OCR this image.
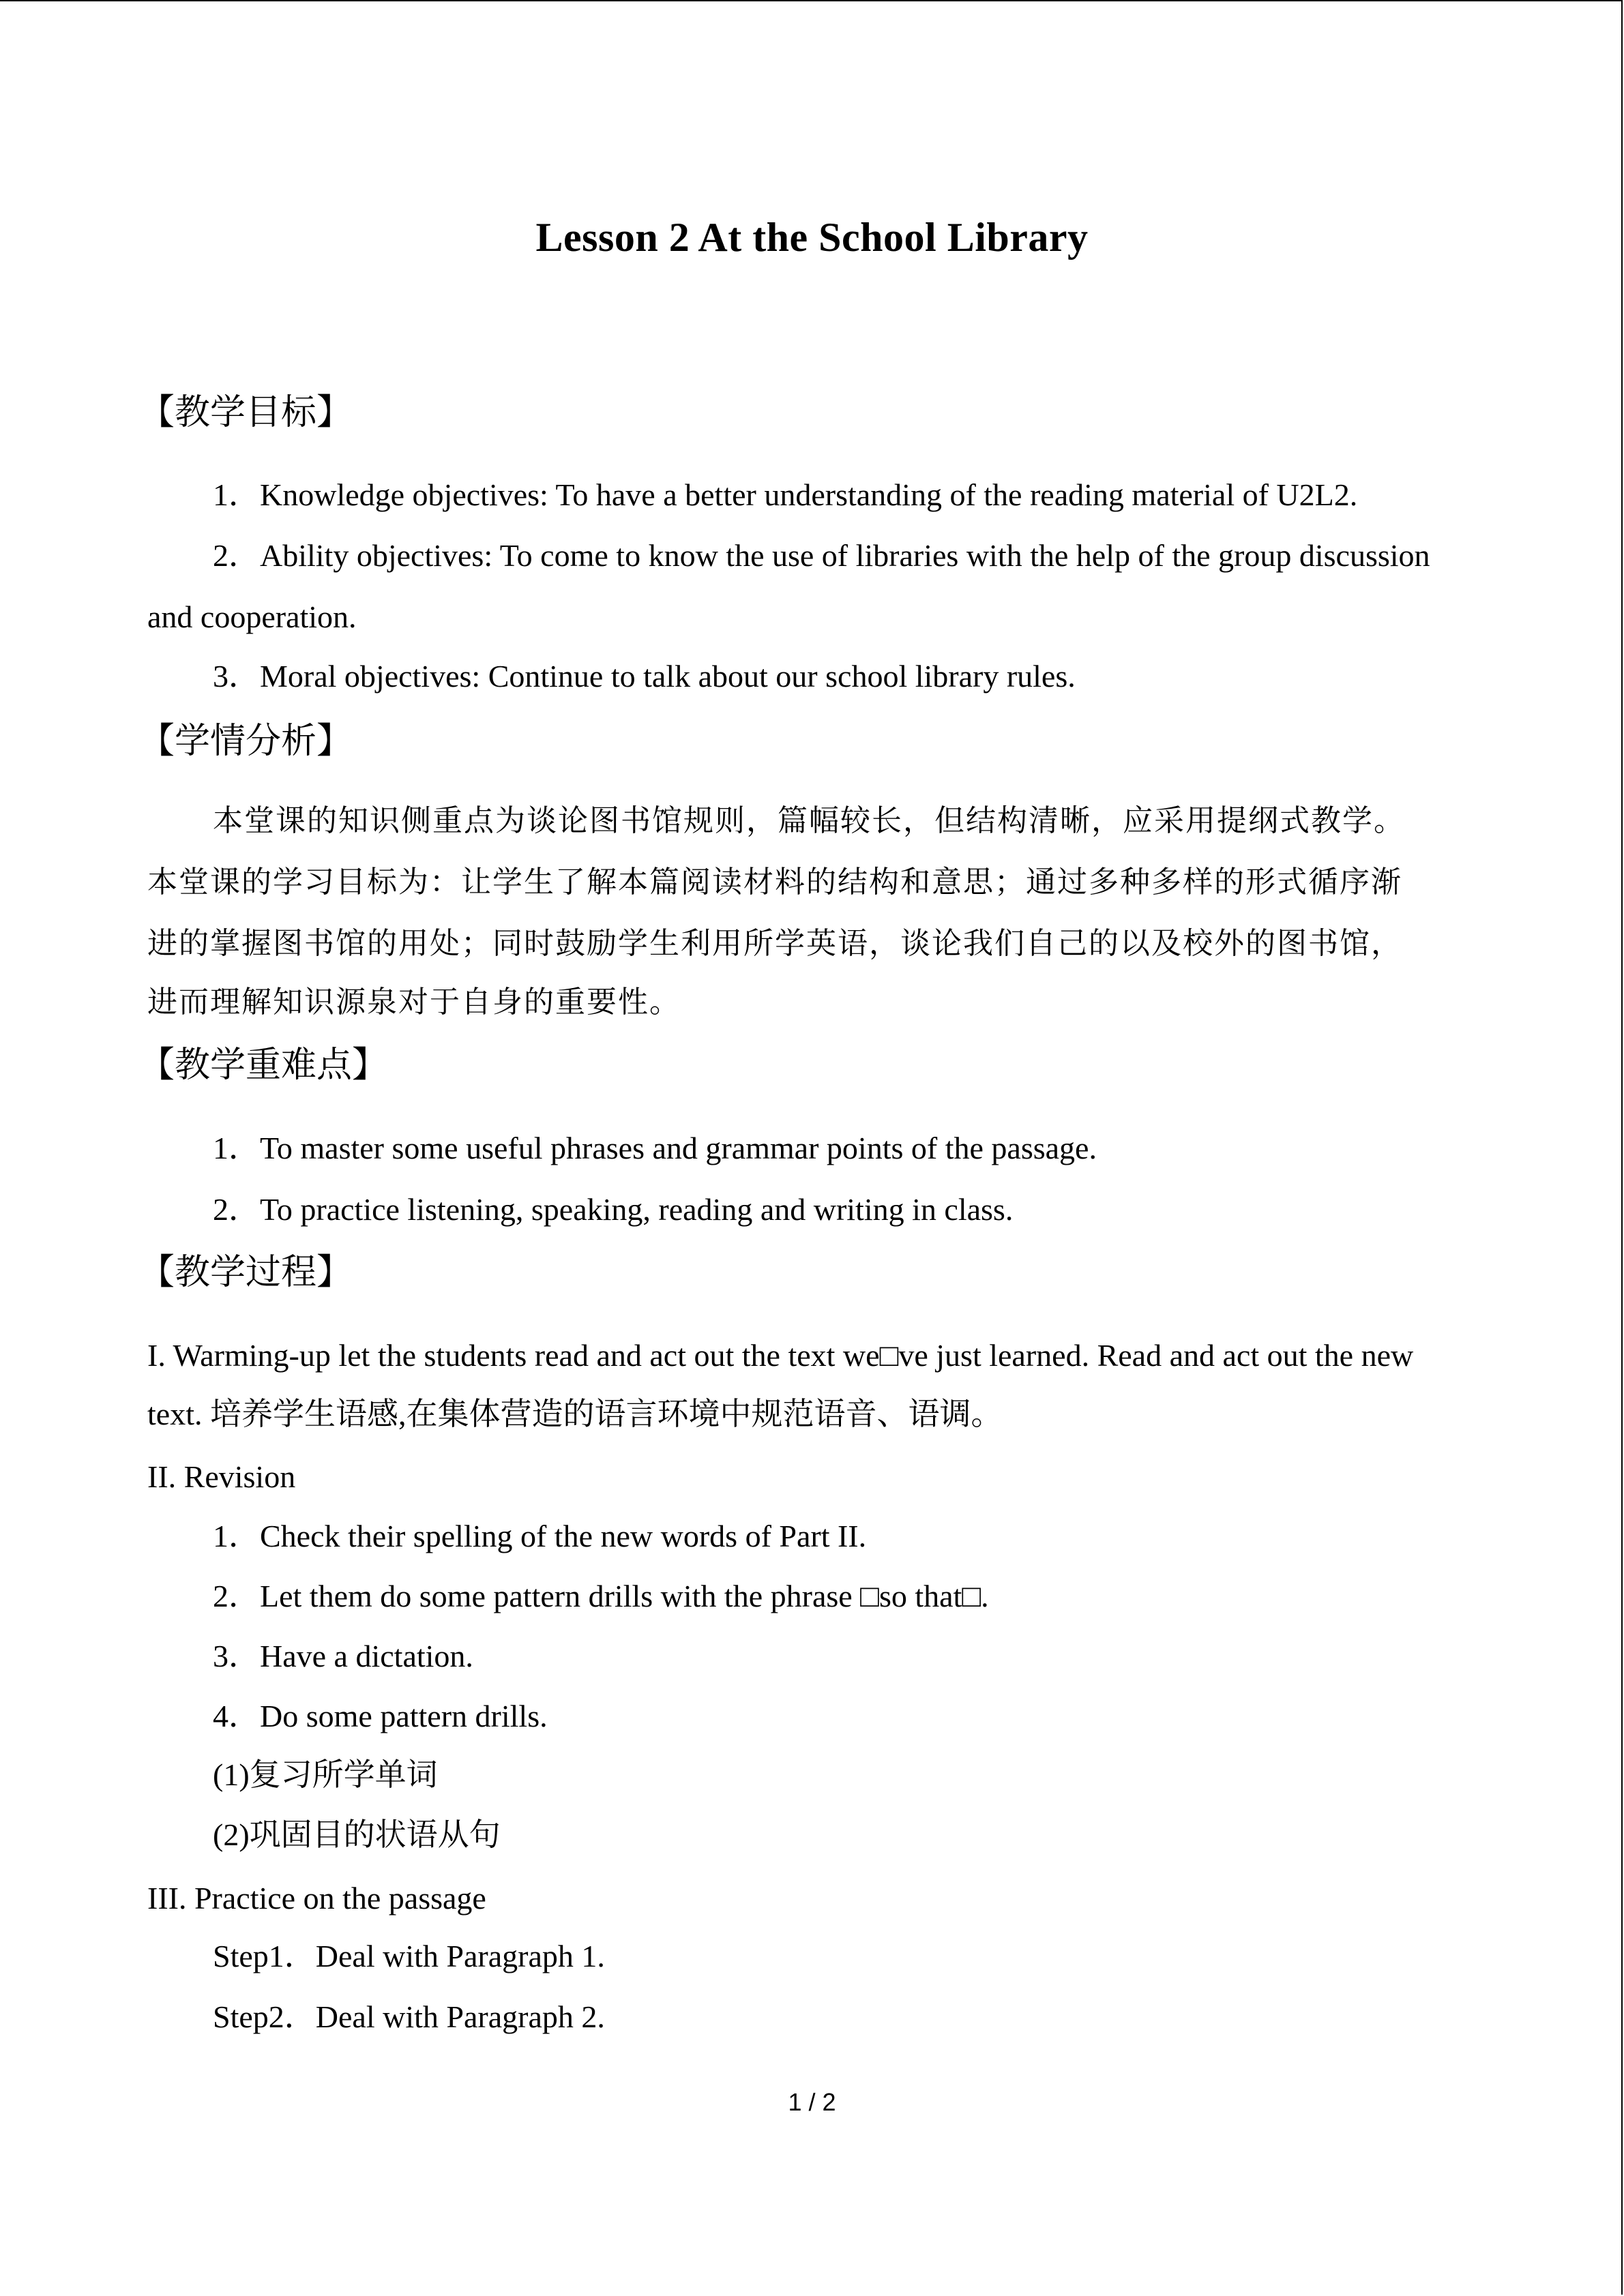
Lesson 2 At the School Library
【教学目标】
1．Knowledge objectives: To have a better understanding of the reading material of U2L2.
2．Ability objectives: To come to know the use of libraries with the help of the group discussion
and cooperation.
3．Moral objectives: Continue to talk about our school library rules.
【学情分析】
本堂课的知识侧重点为谈论图书馆规则，篇幅较长，但结构清晰，应采用提纲式教学。
本堂课的学习目标为：让学生了解本篇阅读材料的结构和意思；通过多种多样的形式循序渐
进的掌握图书馆的用处；同时鼓励学生利用所学英语，谈论我们自己的以及校外的图书馆，
进而理解知识源泉对于自身的重要性。
【教学重难点】
1．To master some useful phrases and grammar points of the passage.
2．To practice listening, speaking, reading and writing in class.
【教学过程】
I. Warming-up let the students read and act out the text we□ve just learned. Read and act out the new
text. 培养学生语感,在集体营造的语言环境中规范语音、语调。
II. Revision
1．Check their spelling of the new words of Part II.
2．Let them do some pattern drills with the phrase □so that□.
3．Have a dictation.
4．Do some pattern drills.
(1)复习所学单词
(2)巩固目的状语从句
III. Practice on the passage
Step1．Deal with Paragraph 1.
Step2．Deal with Paragraph 2.
1 / 2
